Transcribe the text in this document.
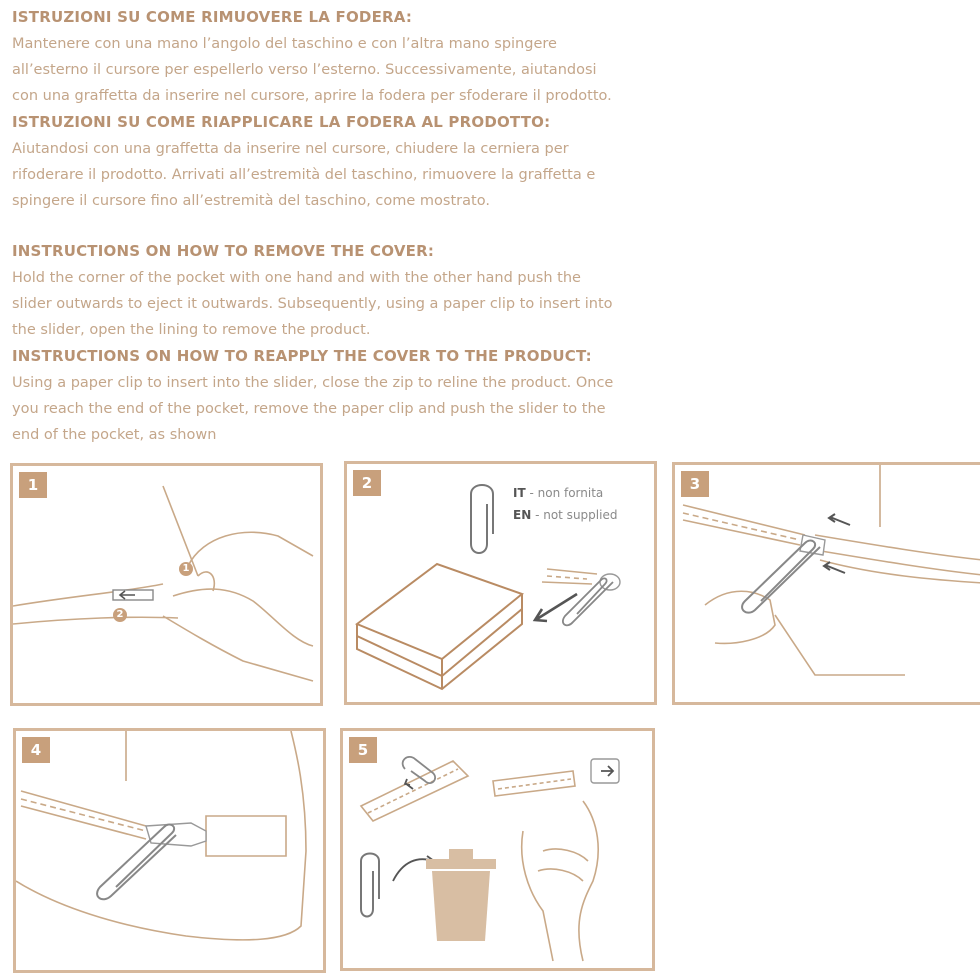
ISTRUZIONI SU COME RIMUOVERE LA FODERA:
Mantenere con una mano l’angolo del taschino e con l’altra mano spingere
all’esterno il cursore per espellerlo verso l’esterno. Successivamente, aiutandosi
con una graffetta da inserire nel cursore, aprire la fodera per sfoderare il prodotto.
ISTRUZIONI SU COME RIAPPLICARE LA FODERA AL PRODOTTO:
Aiutandosi con una graffetta da inserire nel cursore, chiudere la cerniera per
rifoderare il prodotto. Arrivati all’estremità del taschino, rimuovere la graffetta e
spingere il cursore fino all’estremità del taschino, come mostrato.
INSTRUCTIONS ON HOW TO REMOVE THE COVER:
Hold the corner of the pocket with one hand and with the other hand push the
slider outwards to eject it outwards. Subsequently, using a paper clip to insert into
the slider, open the lining to remove the product.
INSTRUCTIONS ON HOW TO REAPPLY THE COVER TO THE PRODUCT:
Using a paper clip to insert into the slider, close the zip to reline the product. Once
you reach the end of the pocket, remove the paper clip and push the slider to the
end of the pocket, as shown
1
1
2
IT - non fornita
EN - not supplied
2	3
4	5
